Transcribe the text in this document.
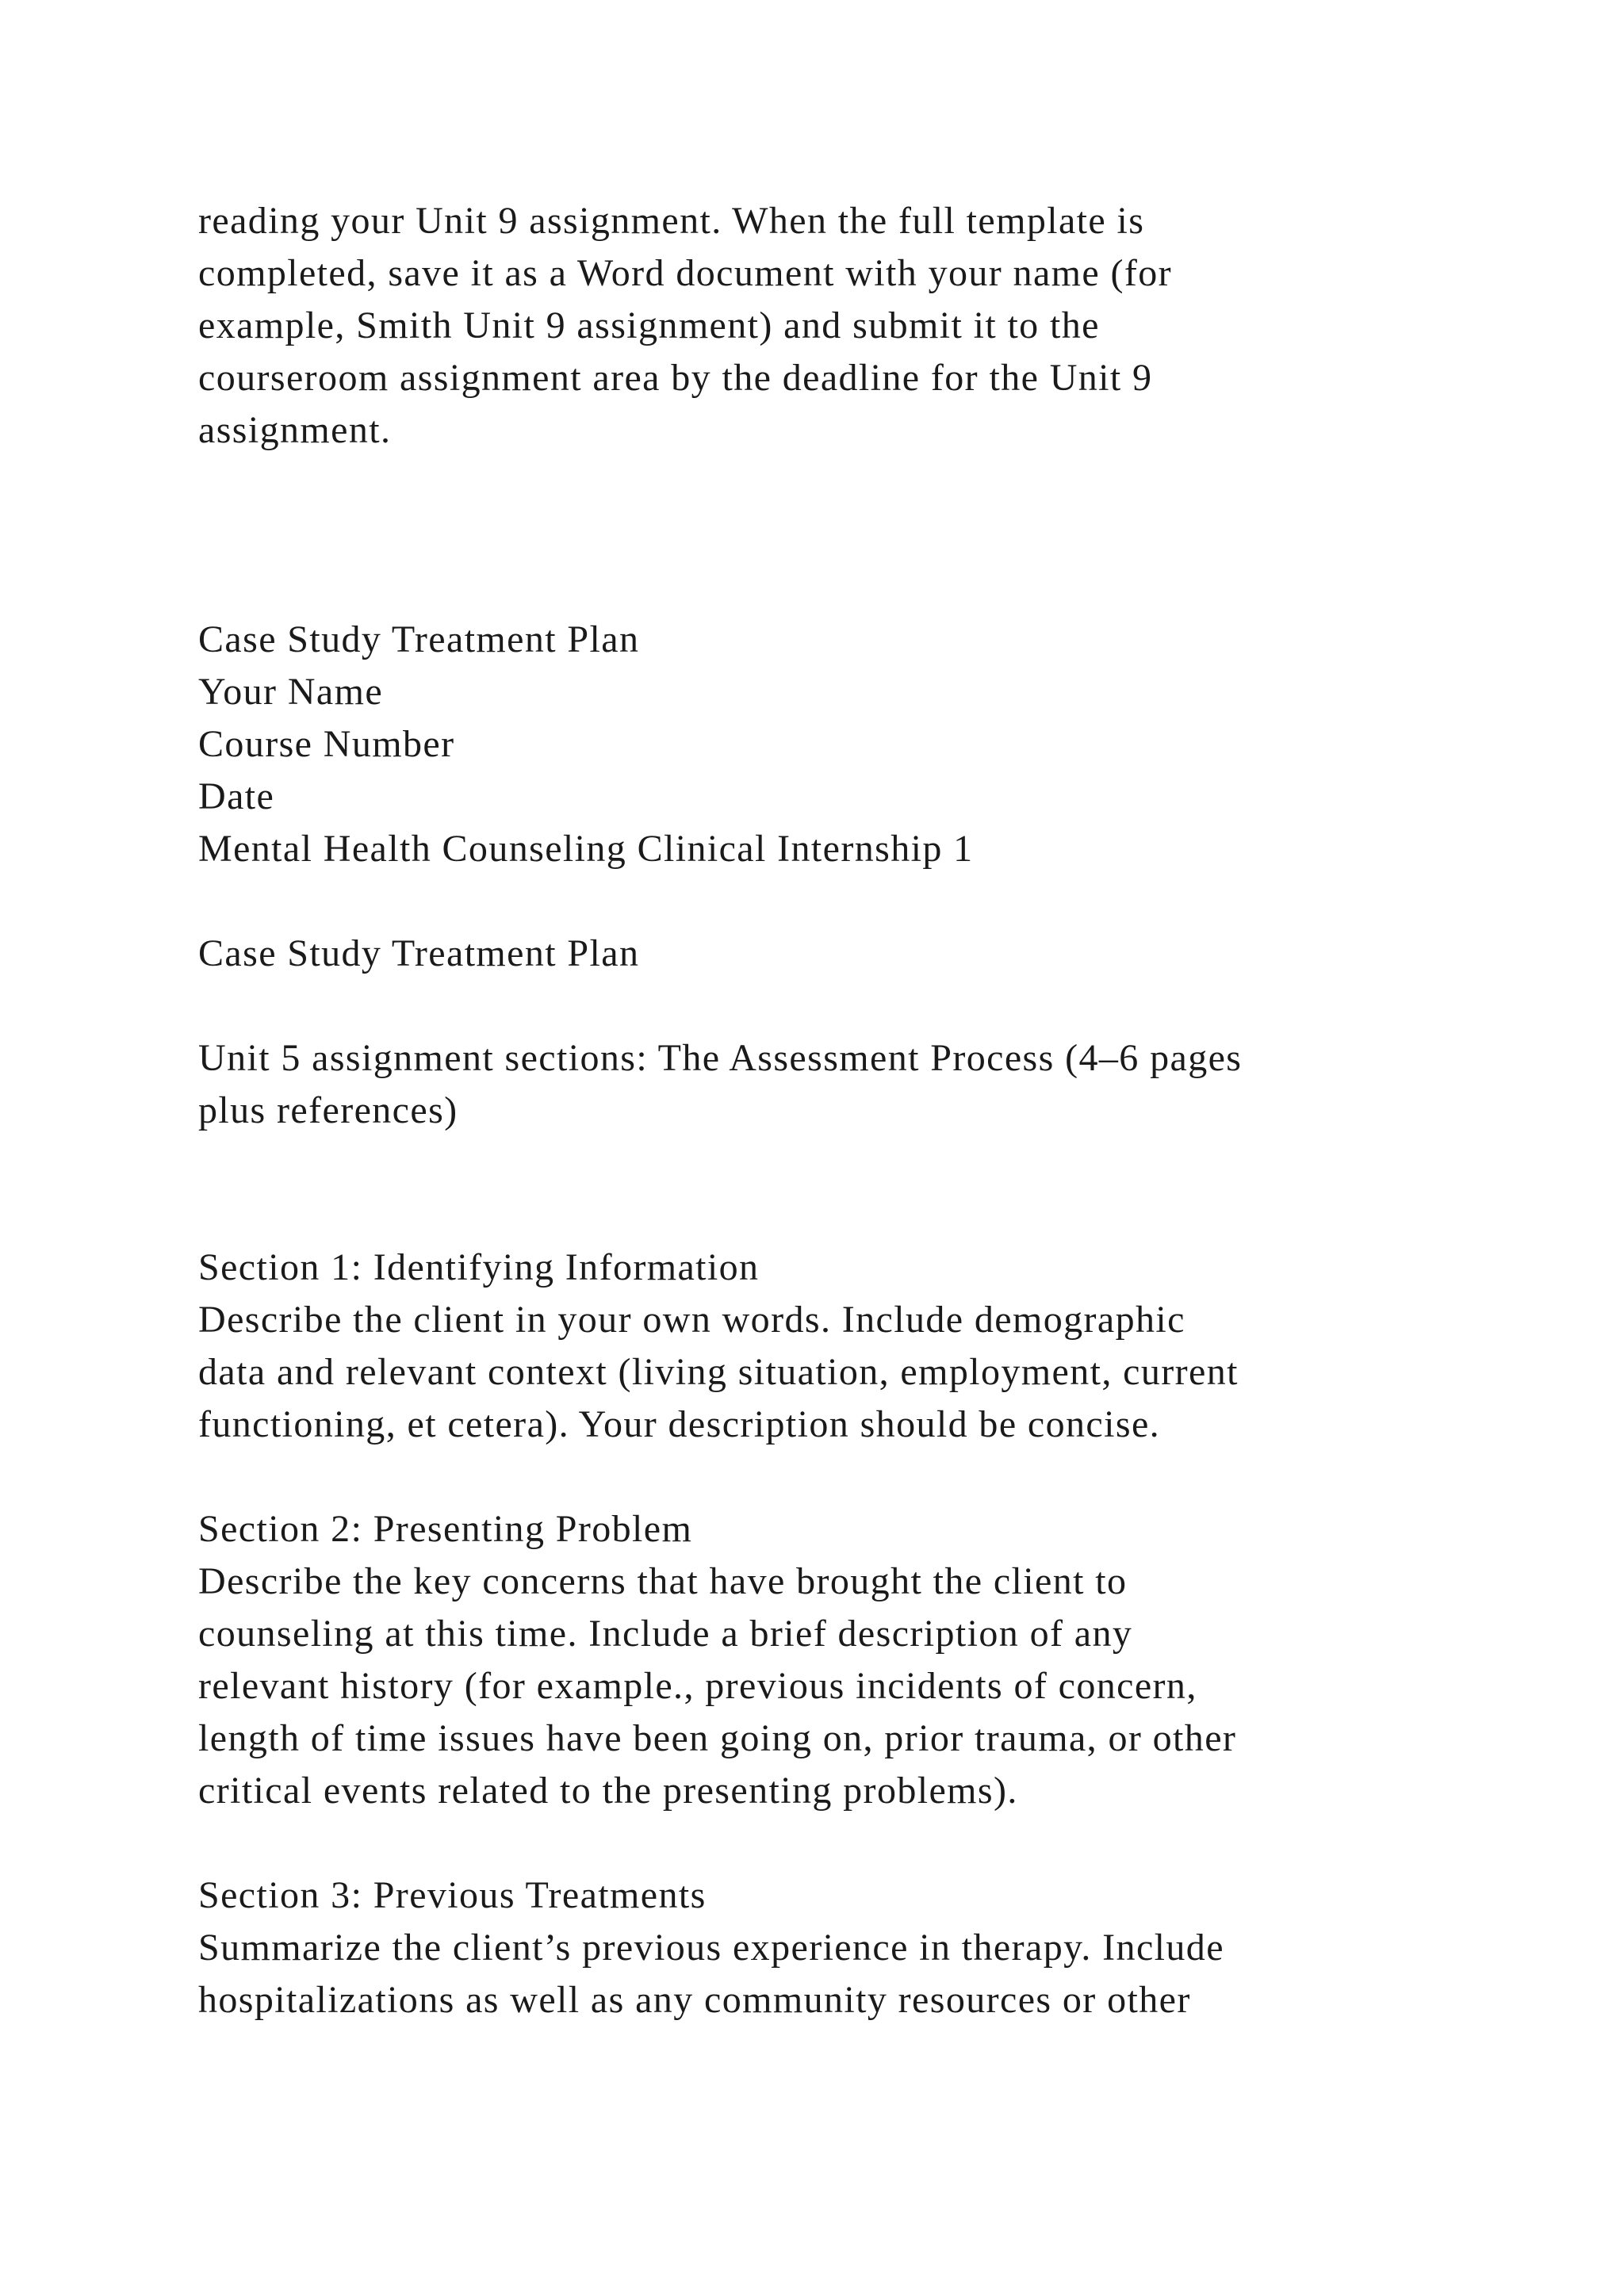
reading your Unit 9 assignment. When the full template is
completed, save it as a Word document with your name (for
example, Smith Unit 9 assignment) and submit it to the
courseroom assignment area by the deadline for the Unit 9
assignment.
Case Study Treatment Plan
Your Name
Course Number
Date
Mental Health Counseling Clinical Internship 1
Case Study Treatment Plan
Unit 5 assignment sections: The Assessment Process (4–6 pages
plus references)
Section 1: Identifying Information
Describe the client in your own words. Include demographic
data and relevant context (living situation, employment, current
functioning, et cetera). Your description should be concise.
Section 2: Presenting Problem
Describe the key concerns that have brought the client to
counseling at this time. Include a brief description of any
relevant history (for example., previous incidents of concern,
length of time issues have been going on, prior trauma, or other
critical events related to the presenting problems).
Section 3: Previous Treatments
Summarize the client’s previous experience in therapy. Include
hospitalizations as well as any community resources or other
